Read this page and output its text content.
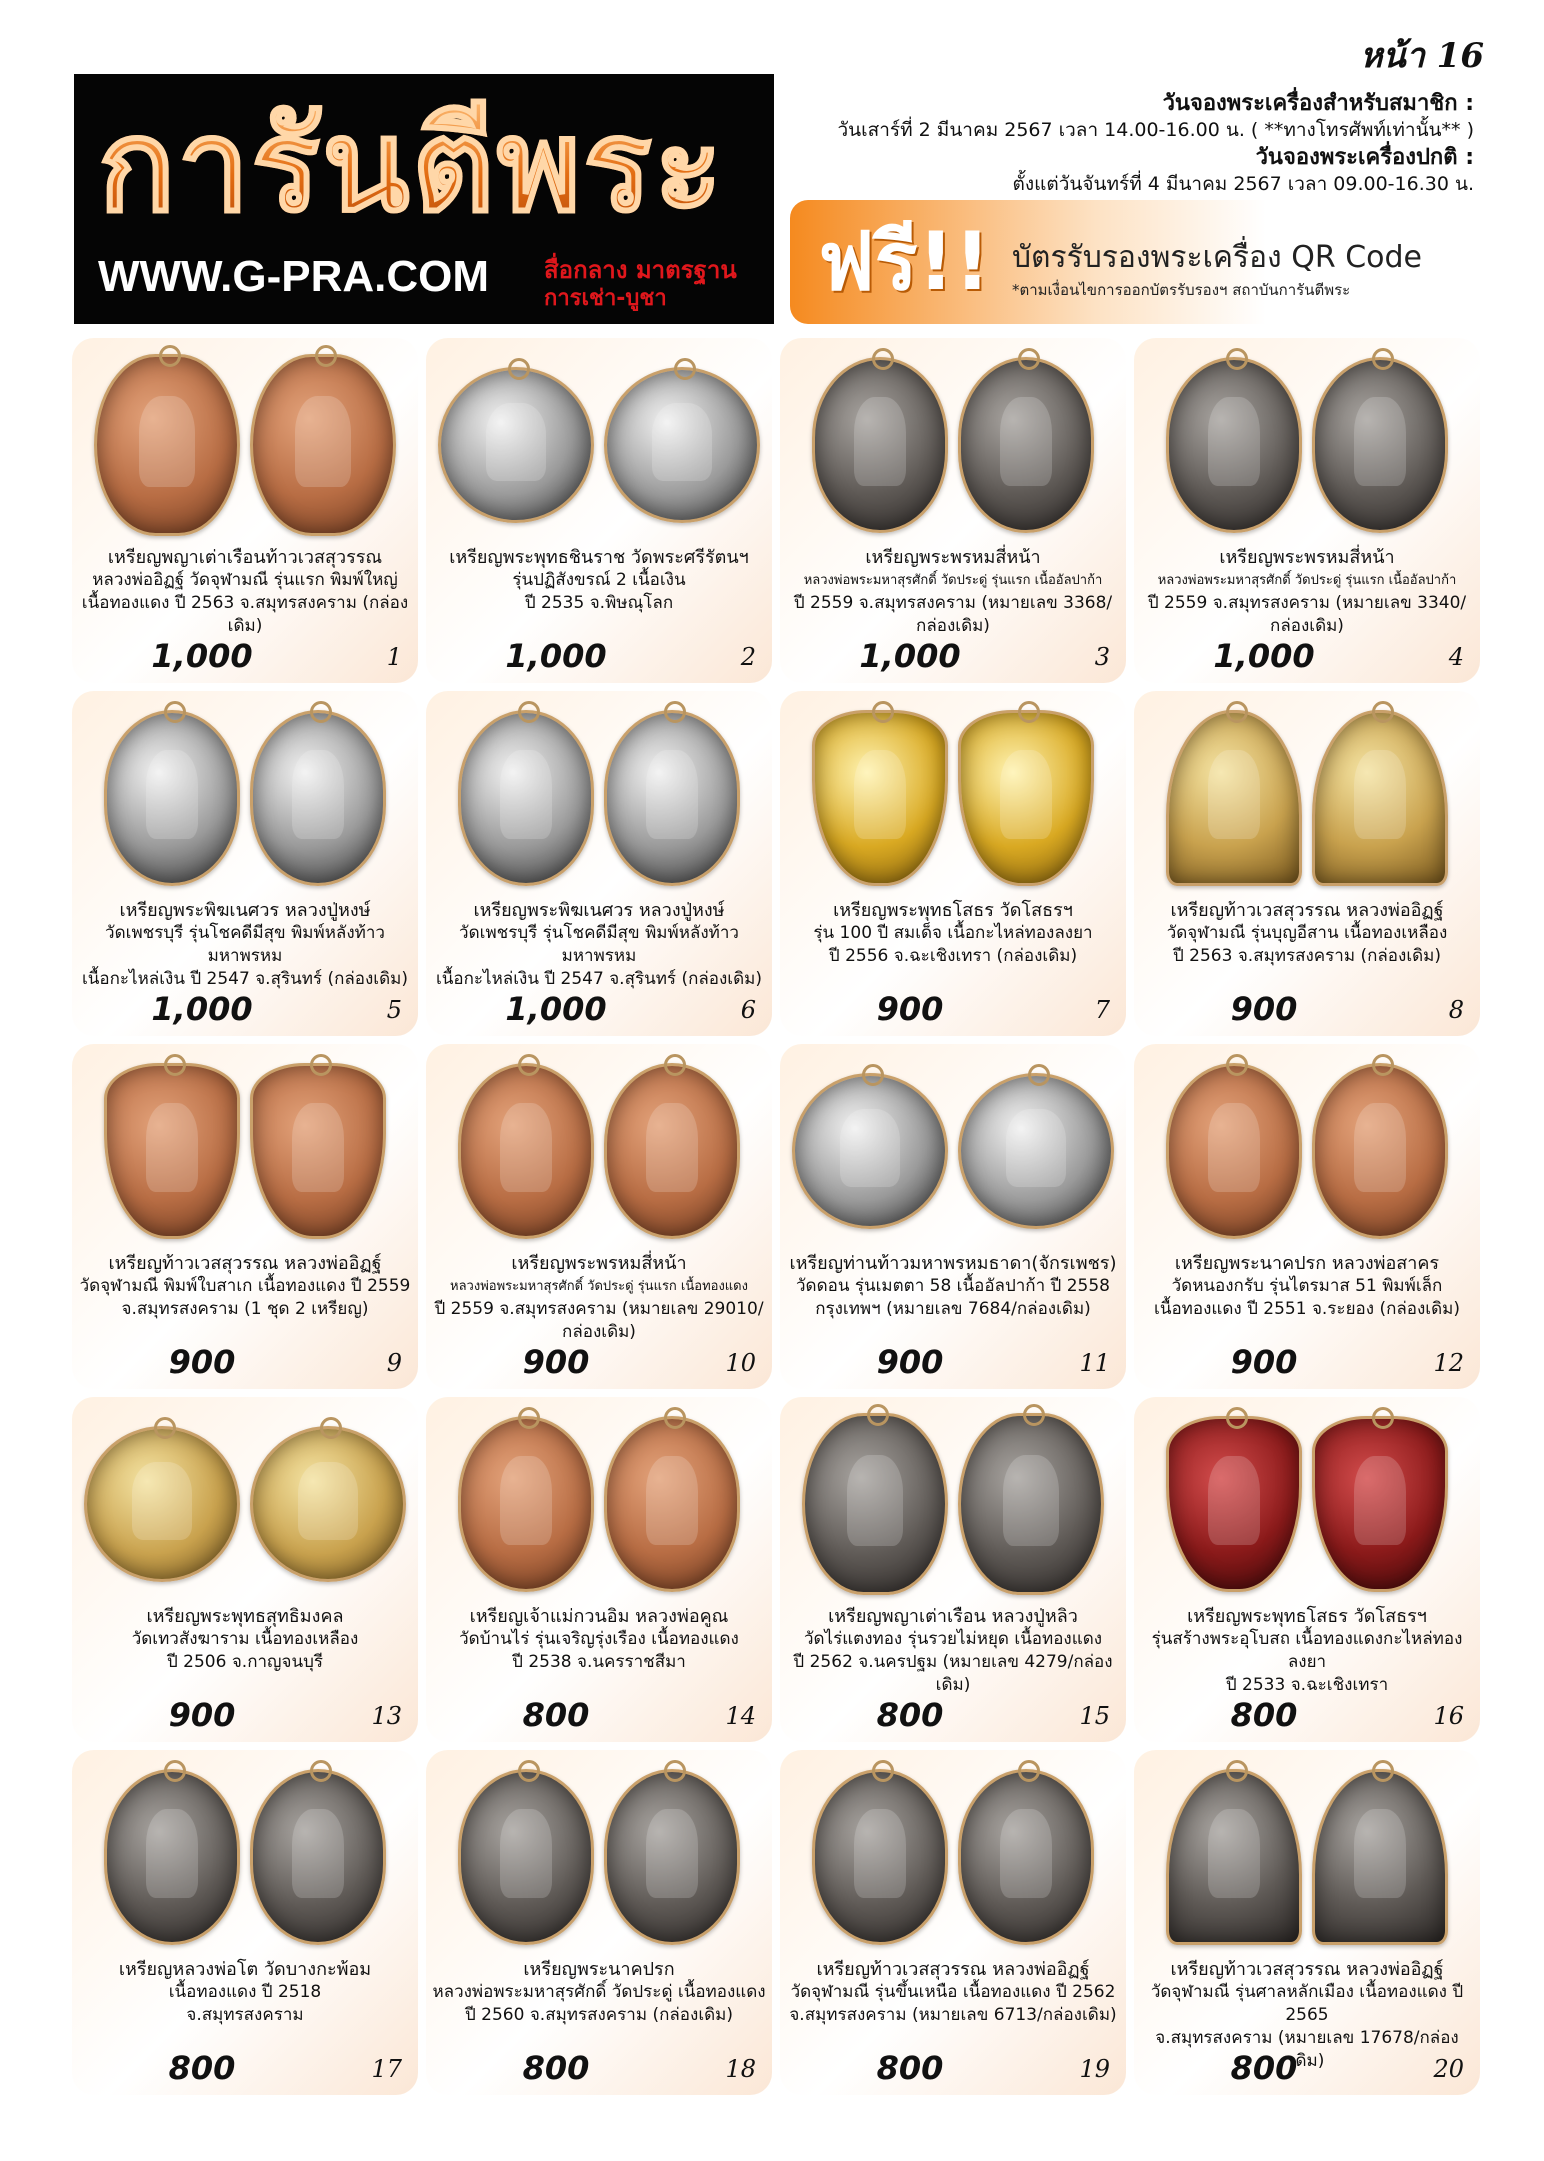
หน้า 16
การันตีพระ
WWW.G-PRA.COM สื่อกลาง มาตรฐาน
การเช่า-บูชา
วันจองพระเครื่องสำหรับสมาชิก :
วันเสาร์ที่ 2 มีนาคม 2567 เวลา 14.00-16.00 น. ( **ทางโทรศัพท์เท่านั้น** )
วันจองพระเครื่องปกติ :
ตั้งแต่วันจันทร์ที่ 4 มีนาคม 2567 เวลา 09.00-16.30 น.
ฟรี!! บัตรรับรองพระเครื่อง QR Code
*ตามเงื่อนไขการออกบัตรรับรองฯ สถาบันการันตีพระ
เหรียญพญาเต่าเรือนท้าวเวสสุวรรณ
หลวงพ่ออิฏฐ์ วัดจุฬามณี รุ่นแรก พิมพ์ใหญ่
เนื้อทองแดง ปี 2563 จ.สมุทรสงคราม (กล่องเดิม)
1,000	1
เหรียญพระพุทธชินราช วัดพระศรีรัตนฯ
รุ่นปฏิสังขรณ์ 2 เนื้อเงิน
ปี 2535 จ.พิษณุโลก
1,000	2
เหรียญพระพรหมสี่หน้า
หลวงพ่อพระมหาสุรศักดิ์ วัดประดู่ รุ่นแรก เนื้ออัลปาก้า
ปี 2559 จ.สมุทรสงคราม (หมายเลข 3368/กล่องเดิม)
1,000	3
เหรียญพระพรหมสี่หน้า
หลวงพ่อพระมหาสุรศักดิ์ วัดประดู่ รุ่นแรก เนื้ออัลปาก้า
ปี 2559 จ.สมุทรสงคราม (หมายเลข 3340/กล่องเดิม)
1,000	4
เหรียญพระพิฆเนศวร หลวงปู่หงษ์
วัดเพชรบุรี รุ่นโชคดีมีสุข พิมพ์หลังท้าวมหาพรหม
เนื้อกะไหล่เงิน ปี 2547 จ.สุรินทร์ (กล่องเดิม)
1,000	5
เหรียญพระพิฆเนศวร หลวงปู่หงษ์
วัดเพชรบุรี รุ่นโชคดีมีสุข พิมพ์หลังท้าวมหาพรหม
เนื้อกะไหล่เงิน ปี 2547 จ.สุรินทร์ (กล่องเดิม)
1,000	6
เหรียญพระพุทธโสธร วัดโสธรฯ
รุ่น 100 ปี สมเด็จ เนื้อกะไหล่ทองลงยา
ปี 2556 จ.ฉะเชิงเทรา (กล่องเดิม)
900	7
เหรียญท้าวเวสสุวรรณ หลวงพ่ออิฏฐ์
วัดจุฬามณี รุ่นบุญอีสาน เนื้อทองเหลือง
ปี 2563 จ.สมุทรสงคราม (กล่องเดิม)
900	8
เหรียญท้าวเวสสุวรรณ หลวงพ่ออิฏฐ์
วัดจุฬามณี พิมพ์ใบสาเก เนื้อทองแดง ปี 2559
จ.สมุทรสงคราม (1 ชุด 2 เหรียญ)
900	9
เหรียญพระพรหมสี่หน้า
หลวงพ่อพระมหาสุรศักดิ์ วัดประดู่ รุ่นแรก เนื้อทองแดง
ปี 2559 จ.สมุทรสงคราม (หมายเลข 29010/กล่องเดิม)
900	10
เหรียญท่านท้าวมหาพรหมธาดา(จักรเพชร)
วัดดอน รุ่นเมตตา 58 เนื้ออัลปาก้า ปี 2558
กรุงเทพฯ (หมายเลข 7684/กล่องเดิม)
900	11
เหรียญพระนาคปรก หลวงพ่อสาคร
วัดหนองกรับ รุ่นไตรมาส 51 พิมพ์เล็ก
เนื้อทองแดง ปี 2551 จ.ระยอง (กล่องเดิม)
900	12
เหรียญพระพุทธสุทธิมงคล
วัดเทวสังฆาราม เนื้อทองเหลือง
ปี 2506 จ.กาญจนบุรี
900	13
เหรียญเจ้าแม่กวนอิม หลวงพ่อคูณ
วัดบ้านไร่ รุ่นเจริญรุ่งเรือง เนื้อทองแดง
ปี 2538 จ.นครราชสีมา
800	14
เหรียญพญาเต่าเรือน หลวงปู่หลิว
วัดไร่แตงทอง รุ่นรวยไม่หยุด เนื้อทองแดง
ปี 2562 จ.นครปฐม (หมายเลข 4279/กล่องเดิม)
800	15
เหรียญพระพุทธโสธร วัดโสธรฯ
รุ่นสร้างพระอุโบสถ เนื้อทองแดงกะไหล่ทองลงยา
ปี 2533 จ.ฉะเชิงเทรา
800	16
เหรียญหลวงพ่อโต วัดบางกะพ้อม
เนื้อทองแดง ปี 2518
จ.สมุทรสงคราม
800	17
เหรียญพระนาคปรก
หลวงพ่อพระมหาสุรศักดิ์ วัดประดู่ เนื้อทองแดง
ปี 2560 จ.สมุทรสงคราม (กล่องเดิม)
800	18
เหรียญท้าวเวสสุวรรณ หลวงพ่ออิฏฐ์
วัดจุฬามณี รุ่นขึ้นเหนือ เนื้อทองแดง ปี 2562
จ.สมุทรสงคราม (หมายเลข 6713/กล่องเดิม)
800	19
เหรียญท้าวเวสสุวรรณ หลวงพ่ออิฏฐ์
วัดจุฬามณี รุ่นศาลหลักเมือง เนื้อทองแดง ปี 2565
จ.สมุทรสงคราม (หมายเลข 17678/กล่องเดิม)
800	20
